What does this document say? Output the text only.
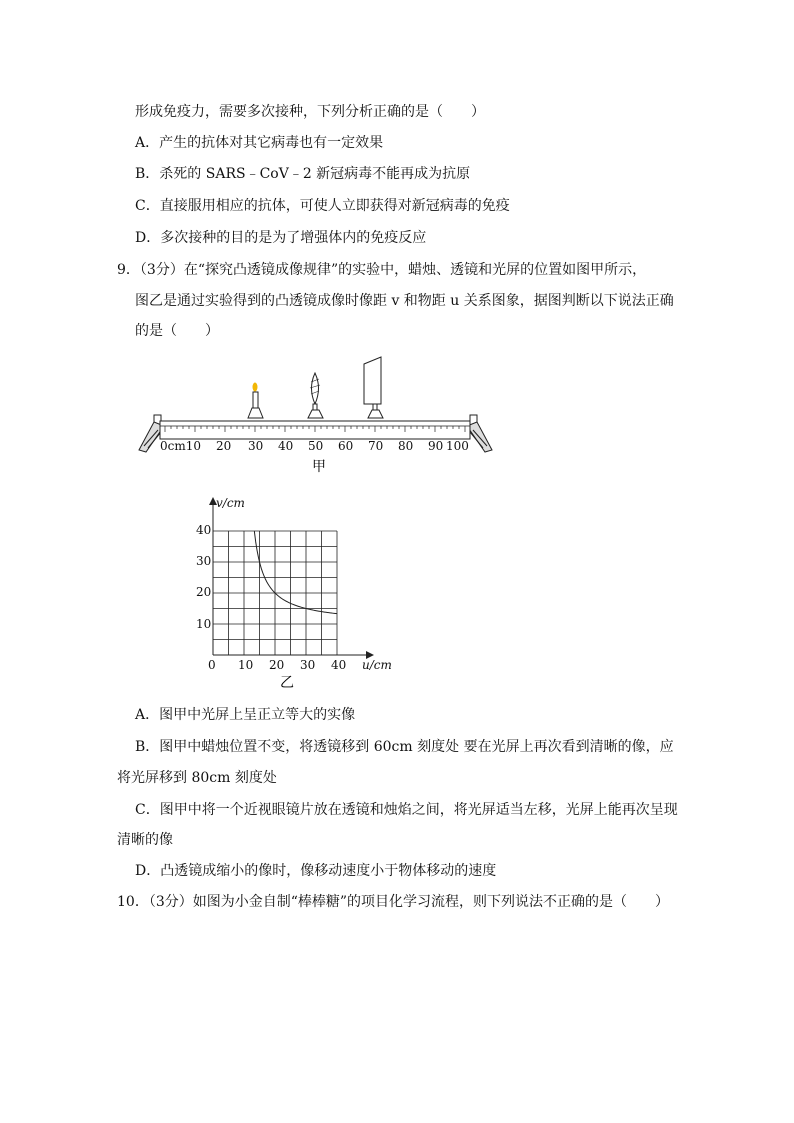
形成免疫力，需要多次接种，下列分析正确的是（　　）
A．产生的抗体对其它病毒也有一定效果
B．杀死的 SARS﹣CoV﹣2 新冠病毒不能再成为抗原
C．直接服用相应的抗体，可使人立即获得对新冠病毒的免疫
D．多次接种的目的是为了增强体内的免疫反应
9．（3分）在“探究凸透镜成像规律”的实验中，蜡烛、透镜和光屏的位置如图甲所示，
图乙是通过实验得到的凸透镜成像时像距 v 和物距 u 关系图象，据图判断以下说法正确
的是（　　）
0cm10 20 30 40 50 60 70 80 90 100
甲
v/cm
u/cm
0
10
20
30
40
10 20 30 40
乙
A．图甲中光屏上呈正立等大的实像
B．图甲中蜡烛位置不变，将透镜移到 60cm 刻度处 要在光屏上再次看到清晰的像，应
将光屏移到 80cm 刻度处
C．图甲中将一个近视眼镜片放在透镜和烛焰之间，将光屏适当左移，光屏上能再次呈现
清晰的像
D．凸透镜成缩小的像时，像移动速度小于物体移动的速度
10．（3分）如图为小金自制“棒棒糖”的项目化学习流程，则下列说法不正确的是（　　）
